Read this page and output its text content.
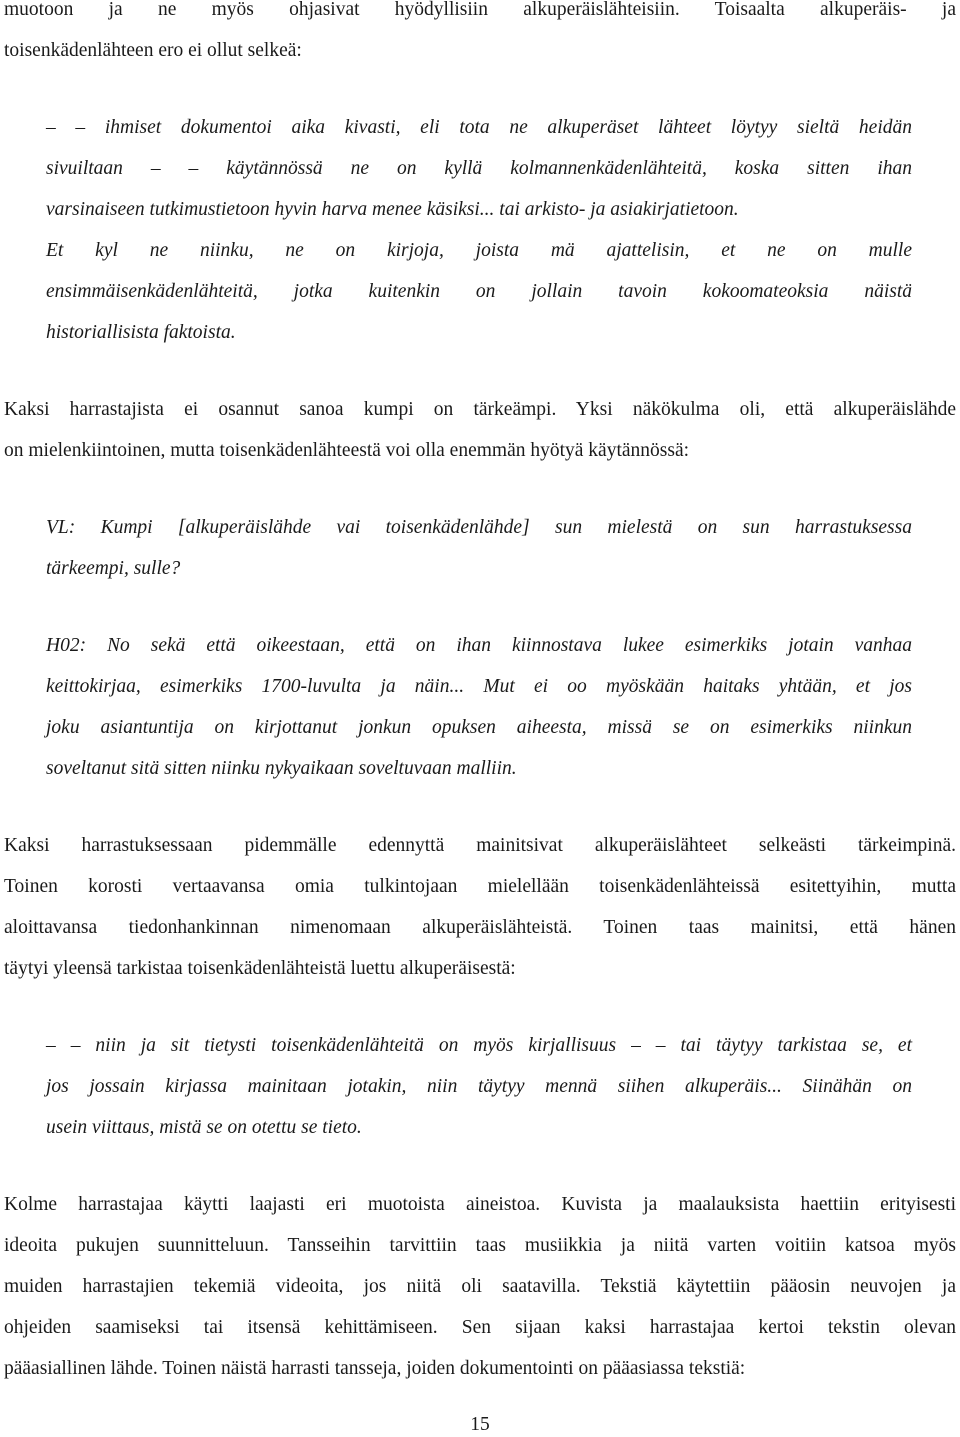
muotoon ja ne myös ohjasivat hyödyllisiin alkuperäislähteisiin. Toisaalta alkuperäis- ja

toisenkädenlähteen ero ei ollut selkeä:

– – ihmiset dokumentoi aika kivasti, eli tota ne alkuperäset lähteet löytyy sieltä heidän

sivuiltaan – – käytännössä ne on kyllä kolmannenkädenlähteitä, koska sitten ihan

varsinaiseen tutkimustietoon hyvin harva menee käsiksi... tai arkisto- ja asiakirjatietoon.

Et kyl ne niinku, ne on kirjoja, joista mä ajattelisin, et ne on mulle

ensimmäisenkädenlähteitä, jotka kuitenkin on jollain tavoin kokoomateoksia näistä

historiallisista faktoista.

Kaksi harrastajista ei osannut sanoa kumpi on tärkeämpi. Yksi näkökulma oli, että alkuperäislähde

on mielenkiintoinen, mutta toisenkädenlähteestä voi olla enemmän hyötyä käytännössä:

VL: Kumpi [alkuperäislähde vai toisenkädenlähde] sun mielestä on sun harrastuksessa

tärkeempi, sulle?

H02: No sekä että oikeestaan, että on ihan kiinnostava lukee esimerkiks jotain vanhaa

keittokirjaa, esimerkiks 1700-luvulta ja näin... Mut ei oo myöskään haitaks yhtään, et jos

joku asiantuntija on kirjottanut jonkun opuksen aiheesta, missä se on esimerkiks niinkun

soveltanut sitä sitten niinku nykyaikaan soveltuvaan malliin.

Kaksi harrastuksessaan pidemmälle edennyttä mainitsivat alkuperäislähteet selkeästi tärkeimpinä.

Toinen korosti vertaavansa omia tulkintojaan mielellään toisenkädenlähteissä esitettyihin, mutta

aloittavansa tiedonhankinnan nimenomaan alkuperäislähteistä. Toinen taas mainitsi, että hänen

täytyi yleensä tarkistaa toisenkädenlähteistä luettu alkuperäisestä:

– – niin ja sit tietysti toisenkädenlähteitä on myös kirjallisuus – – tai täytyy tarkistaa se, et

jos jossain kirjassa mainitaan jotakin, niin täytyy mennä siihen alkuperäis... Siinähän on

usein viittaus, mistä se on otettu se tieto.

Kolme harrastajaa käytti laajasti eri muotoista aineistoa. Kuvista ja maalauksista haettiin erityisesti

ideoita pukujen suunnitteluun. Tansseihin tarvittiin taas musiikkia ja niitä varten voitiin katsoa myös

muiden harrastajien tekemiä videoita, jos niitä oli saatavilla. Tekstiä käytettiin pääosin neuvojen ja

ohjeiden saamiseksi tai itsensä kehittämiseen. Sen sijaan kaksi harrastajaa kertoi tekstin olevan

pääasiallinen lähde. Toinen näistä harrasti tansseja, joiden dokumentointi on pääasiassa tekstiä:

15
